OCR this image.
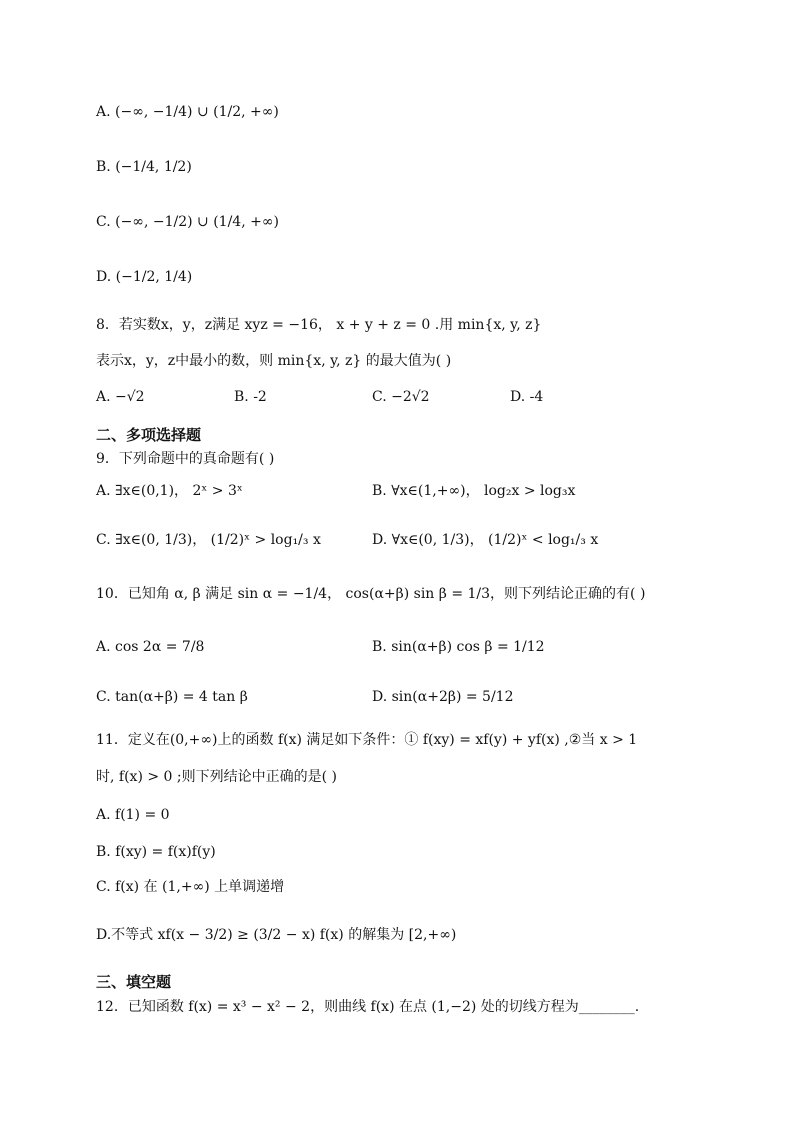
A. (−∞, −1/4) ∪ (1/2, +∞)
B. (−1/4, 1/2)
C. (−∞, −1/2) ∪ (1/4, +∞)
D. (−1/2, 1/4)
8．若实数x，y，z满足 xyz = −16， x + y + z = 0 .用 min{x, y, z}
表示x，y，z中最小的数，则 min{x, y, z} 的最大值为( )
A. −√2	B. -2	C. −2√2	D. -4
二、多项选择题
9．下列命题中的真命题有( )
A. ∃x∈(0,1)， 2ˣ > 3ˣ	B. ∀x∈(1,+∞)， log₂x > log₃x
C. ∃x∈(0, 1/3)， (1/2)ˣ > log₁/₃ x	D. ∀x∈(0, 1/3)， (1/2)ˣ < log₁/₃ x
10．已知角 α, β 满足 sin α = −1/4， cos(α+β) sin β = 1/3，则下列结论正确的有( )
A. cos 2α = 7/8	B. sin(α+β) cos β = 1/12
C. tan(α+β) = 4 tan β	D. sin(α+2β) = 5/12
11．定义在(0,+∞)上的函数 f(x) 满足如下条件：① f(xy) = xf(y) + yf(x) ,②当 x > 1
时, f(x) > 0 ;则下列结论中正确的是( )
A. f(1) = 0
B. f(xy) = f(x)f(y)
C. f(x) 在 (1,+∞) 上单调递增
D.不等式 xf(x − 3/2) ≥ (3/2 − x) f(x) 的解集为 [2,+∞)
三、填空题
12．已知函数 f(x) = x³ − x² − 2，则曲线 f(x) 在点 (1,−2) 处的切线方程为________.
